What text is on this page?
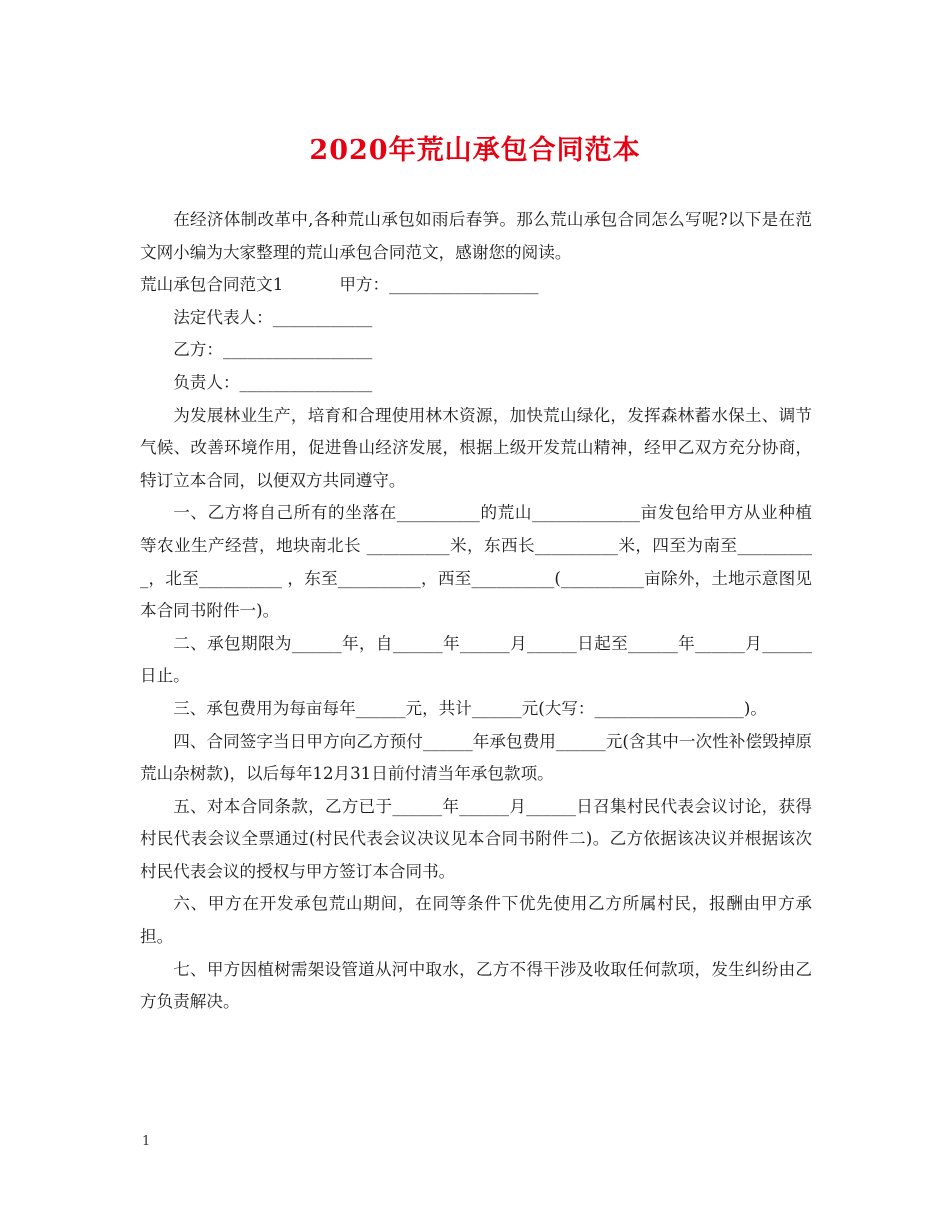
2020年荒山承包合同范本

在经济体制改革中,各种荒山承包如雨后春笋。那么荒山承包合同怎么写呢?以下是在范文网小编为大家整理的荒山承包合同范文，感谢您的阅读。

荒山承包合同范文1	甲方：__________________

法定代表人：____________

乙方：__________________

负责人：________________

为发展林业生产，培育和合理使用林木资源，加快荒山绿化，发挥森林蓄水保土、调节气候、改善环境作用，促进鲁山经济发展，根据上级开发荒山精神，经甲乙双方充分协商，特订立本合同，以便双方共同遵守。

一、乙方将自己所有的坐落在__________的荒山_____________亩发包给甲方从业种植等农业生产经营，地块南北长 __________米，东西长__________米，四至为南至__________，北至__________ ，东至__________，西至__________(__________亩除外，土地示意图见本合同书附件一)。

二、承包期限为______年，自______年______月______日起至______年______月______日止。

三、承包费用为每亩每年______元，共计______元(大写：__________________)。

四、合同签字当日甲方向乙方预付______年承包费用______元(含其中一次性补偿毁掉原荒山杂树款)，以后每年12月31日前付清当年承包款项。

五、对本合同条款，乙方已于______年______月______日召集村民代表会议讨论，获得村民代表会议全票通过(村民代表会议决议见本合同书附件二)。乙方依据该决议并根据该次村民代表会议的授权与甲方签订本合同书。

六、甲方在开发承包荒山期间，在同等条件下优先使用乙方所属村民，报酬由甲方承担。

七、甲方因植树需架设管道从河中取水，乙方不得干涉及收取任何款项，发生纠纷由乙方负责解决。

1
